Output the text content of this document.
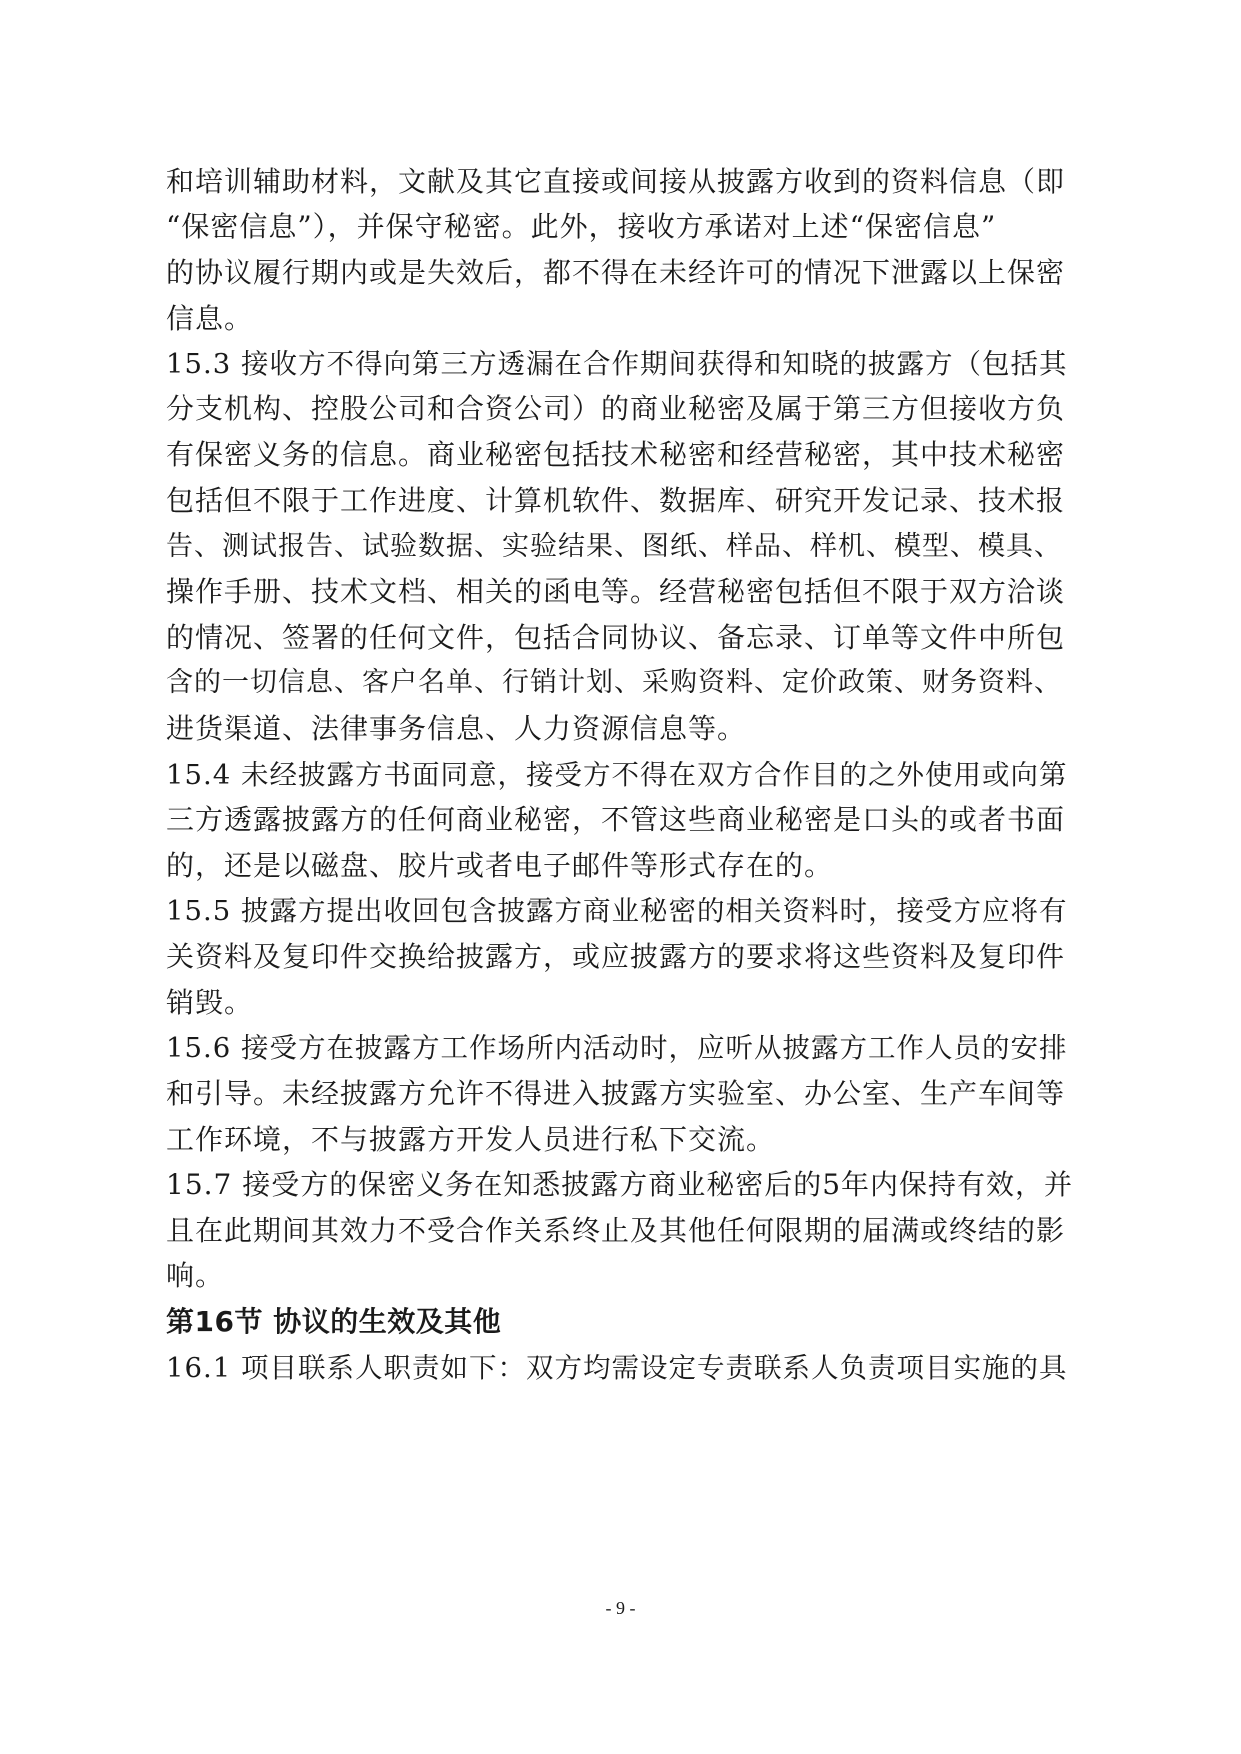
和培训辅助材料，文献及其它直接或间接从披露方收到的资料信息（即
“保密信息”），并保守秘密。此外，接收方承诺对上述“保密信息”
的协议履行期内或是失效后，都不得在未经许可的情况下泄露以上保密
信息。
15.3 接收方不得向第三方透漏在合作期间获得和知晓的披露方（包括其
分支机构、控股公司和合资公司）的商业秘密及属于第三方但接收方负
有保密义务的信息。商业秘密包括技术秘密和经营秘密，其中技术秘密
包括但不限于工作进度、计算机软件、数据库、研究开发记录、技术报
告、测试报告、试验数据、实验结果、图纸、样品、样机、模型、模具、
操作手册、技术文档、相关的函电等。经营秘密包括但不限于双方洽谈
的情况、签署的任何文件，包括合同协议、备忘录、订单等文件中所包
含的一切信息、客户名单、行销计划、采购资料、定价政策、财务资料、
进货渠道、法律事务信息、人力资源信息等。
15.4 未经披露方书面同意，接受方不得在双方合作目的之外使用或向第
三方透露披露方的任何商业秘密，不管这些商业秘密是口头的或者书面
的，还是以磁盘、胶片或者电子邮件等形式存在的。
15.5 披露方提出收回包含披露方商业秘密的相关资料时，接受方应将有
关资料及复印件交换给披露方，或应披露方的要求将这些资料及复印件
销毁。
15.6 接受方在披露方工作场所内活动时，应听从披露方工作人员的安排
和引导。未经披露方允许不得进入披露方实验室、办公室、生产车间等
工作环境，不与披露方开发人员进行私下交流。
15.7 接受方的保密义务在知悉披露方商业秘密后的5年内保持有效，并
且在此期间其效力不受合作关系终止及其他任何限期的届满或终结的影
响。
第16节 协议的生效及其他
16.1 项目联系人职责如下：双方均需设定专责联系人负责项目实施的具
- 9 -
